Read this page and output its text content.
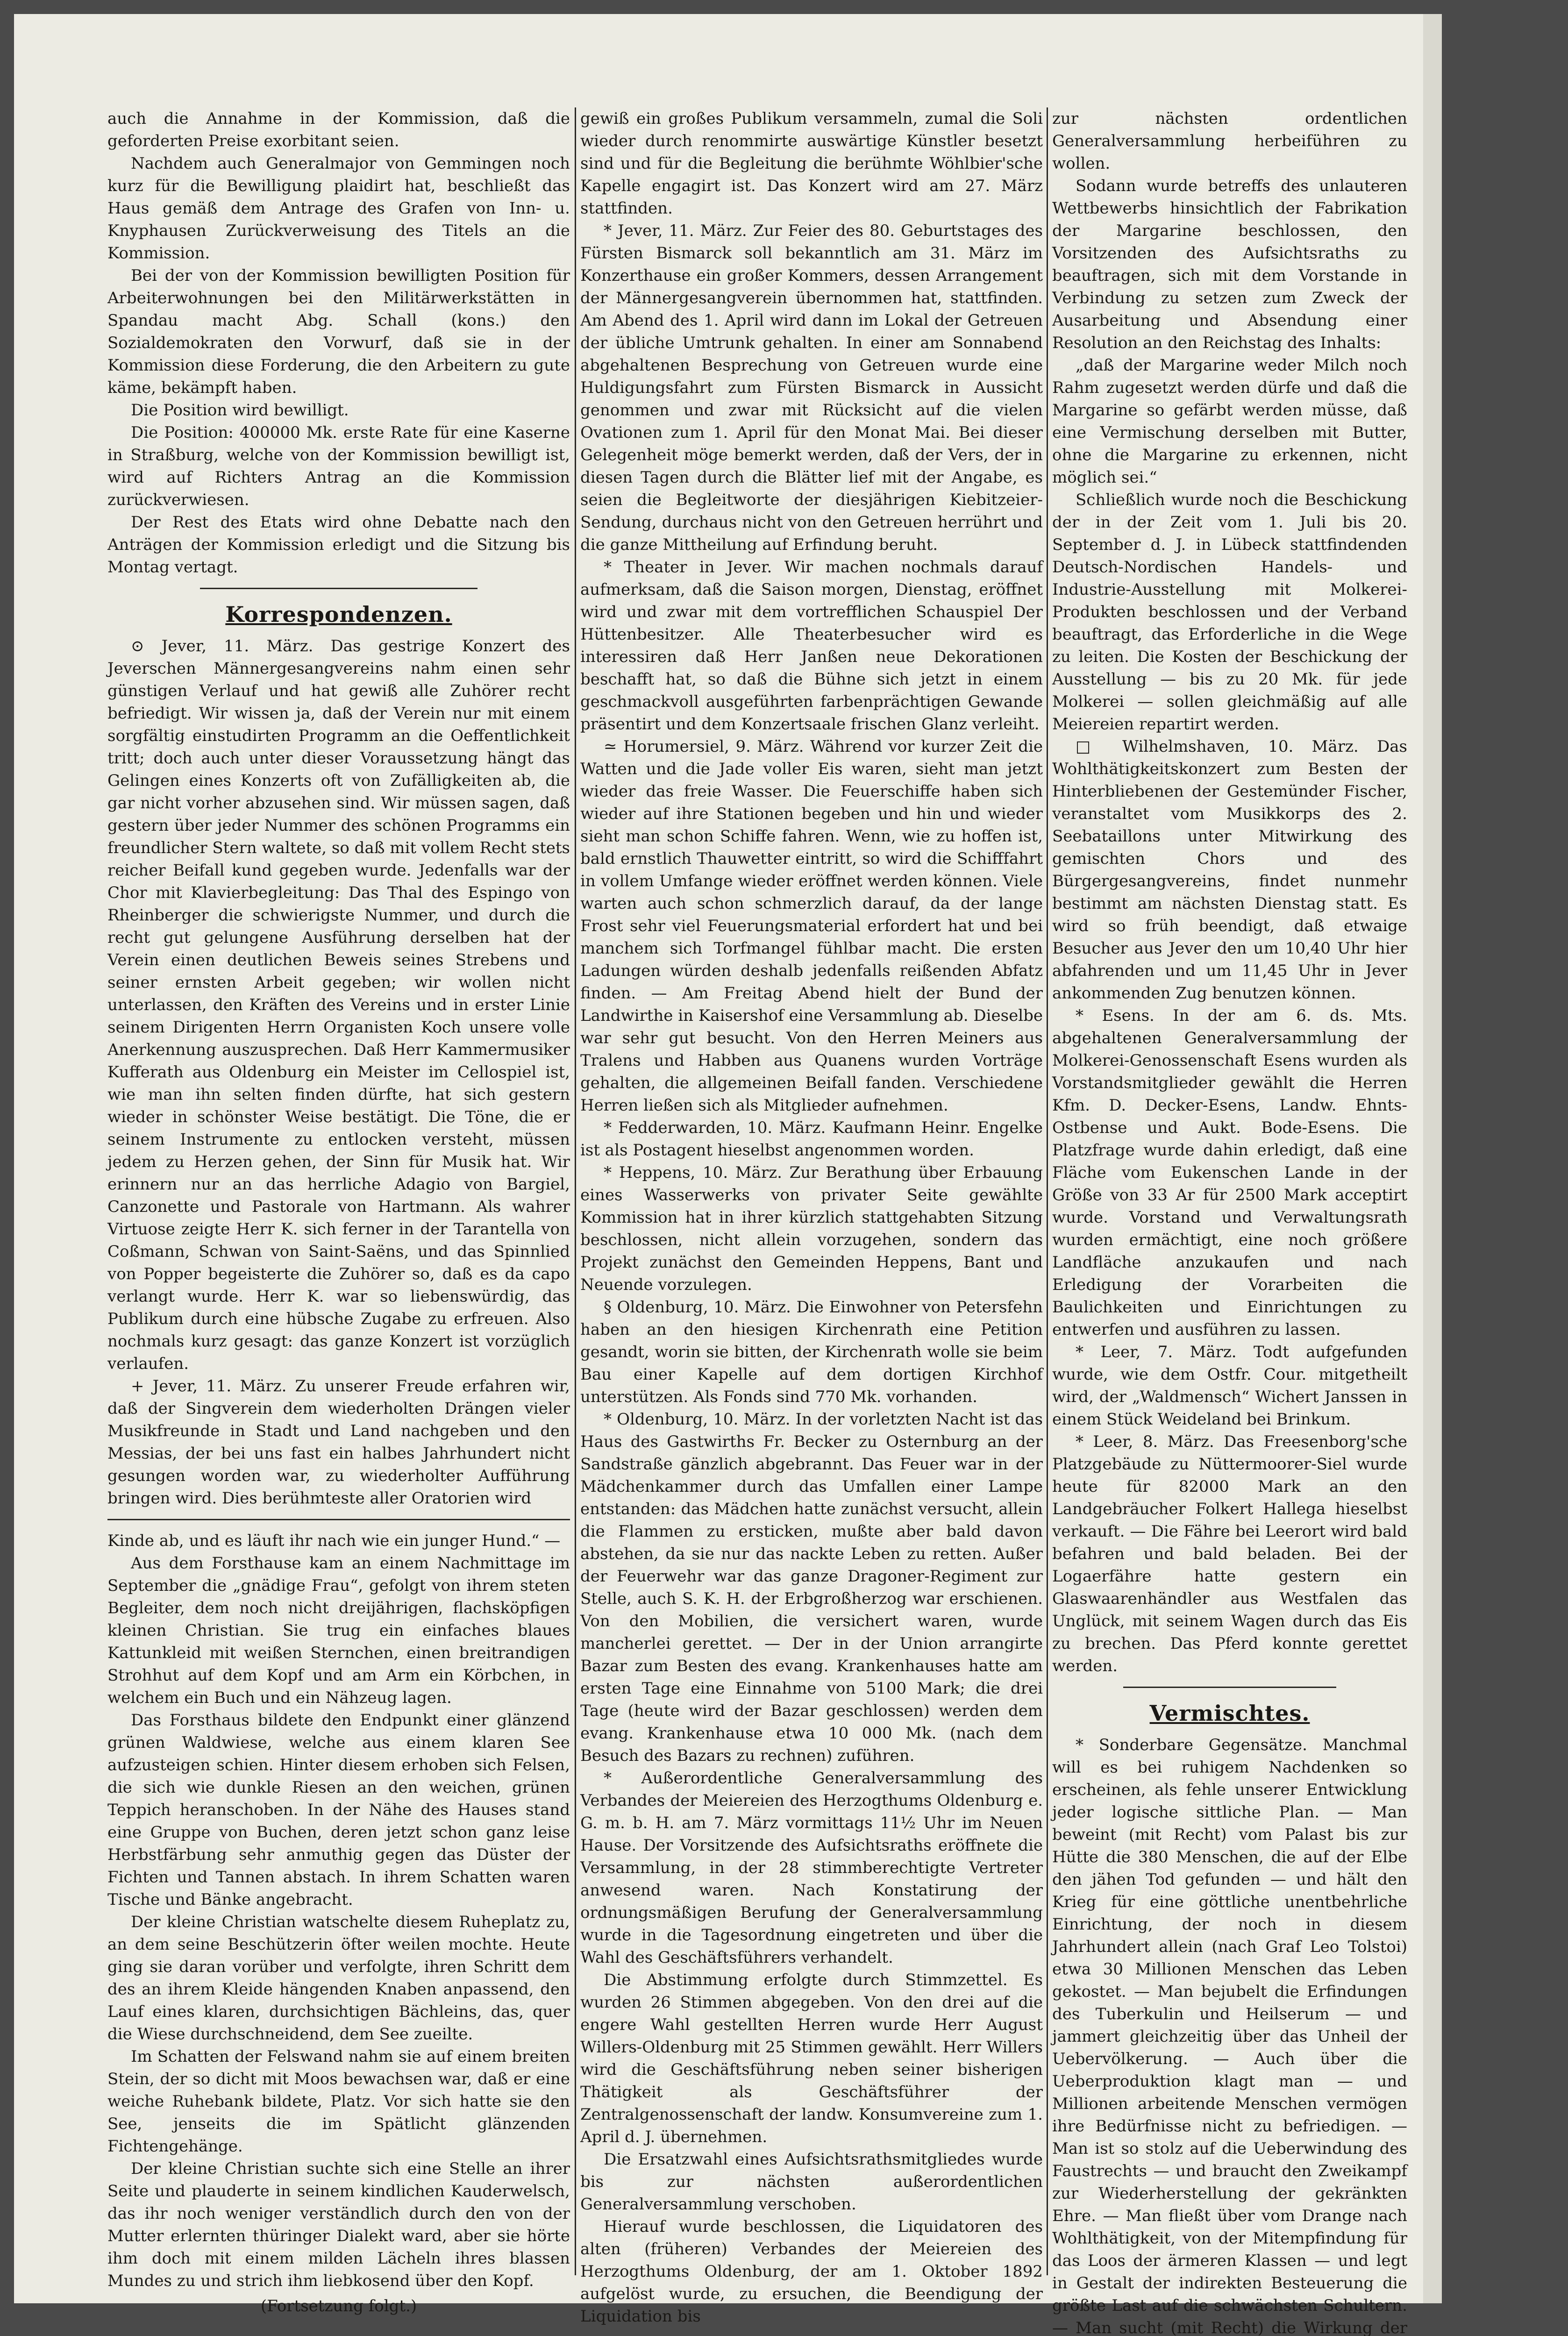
auch die Annahme in der Kommission, daß die geforderten Preise exorbitant seien.

Nachdem auch Generalmajor von Gemmingen noch kurz für die Bewilligung plaidirt hat, beschließt das Haus gemäß dem Antrage des Grafen von Inn- u. Knyphausen Zurückverweisung des Titels an die Kommission.

Bei der von der Kommission bewilligten Position für Arbeiterwohnungen bei den Militärwerkstätten in Spandau macht Abg. Schall (kons.) den Sozialdemokraten den Vorwurf, daß sie in der Kommission diese Forderung, die den Arbeitern zu gute käme, bekämpft haben.

Die Position wird bewilligt.

Die Position: 400000 Mk. erste Rate für eine Kaserne in Straßburg, welche von der Kommission bewilligt ist, wird auf Richters Antrag an die Kommission zurückverwiesen.

Der Rest des Etats wird ohne Debatte nach den Anträgen der Kommission erledigt und die Sitzung bis Montag vertagt.

Korrespondenzen.

⊙ Jever, 11. März. Das gestrige Konzert des Jeverschen Männergesangvereins nahm einen sehr günstigen Verlauf und hat gewiß alle Zuhörer recht befriedigt. Wir wissen ja, daß der Verein nur mit einem sorgfältig einstudirten Programm an die Oeffentlichkeit tritt; doch auch unter dieser Voraussetzung hängt das Gelingen eines Konzerts oft von Zufälligkeiten ab, die gar nicht vorher abzusehen sind. Wir müssen sagen, daß gestern über jeder Nummer des schönen Programms ein freundlicher Stern waltete, so daß mit vollem Recht stets reicher Beifall kund gegeben wurde. Jedenfalls war der Chor mit Klavierbegleitung: Das Thal des Espingo von Rheinberger die schwierigste Nummer, und durch die recht gut gelungene Ausführung derselben hat der Verein einen deutlichen Beweis seines Strebens und seiner ernsten Arbeit gegeben; wir wollen nicht unterlassen, den Kräften des Vereins und in erster Linie seinem Dirigenten Herrn Organisten Koch unsere volle Anerkennung auszusprechen. Daß Herr Kammermusiker Kufferath aus Oldenburg ein Meister im Cellospiel ist, wie man ihn selten finden dürfte, hat sich gestern wieder in schönster Weise bestätigt. Die Töne, die er seinem Instrumente zu entlocken versteht, müssen jedem zu Herzen gehen, der Sinn für Musik hat. Wir erinnern nur an das herrliche Adagio von Bargiel, Canzonette und Pastorale von Hartmann. Als wahrer Virtuose zeigte Herr K. sich ferner in der Tarantella von Coßmann, Schwan von Saint-Saëns, und das Spinnlied von Popper begeisterte die Zuhörer so, daß es da capo verlangt wurde. Herr K. war so liebenswürdig, das Publikum durch eine hübsche Zugabe zu erfreuen. Also nochmals kurz gesagt: das ganze Konzert ist vorzüglich verlaufen.

+ Jever, 11. März. Zu unserer Freude erfahren wir, daß der Singverein dem wiederholten Drängen vieler Musikfreunde in Stadt und Land nachgeben und den Messias, der bei uns fast ein halbes Jahrhundert nicht gesungen worden war, zu wiederholter Aufführung bringen wird. Dies berühmteste aller Oratorien wird

Kinde ab, und es läuft ihr nach wie ein junger Hund.“ —

Aus dem Forsthause kam an einem Nachmittage im September die „gnädige Frau“, gefolgt von ihrem steten Begleiter, dem noch nicht dreijährigen, flachsköpfigen kleinen Christian. Sie trug ein einfaches blaues Kattunkleid mit weißen Sternchen, einen breitrandigen Strohhut auf dem Kopf und am Arm ein Körbchen, in welchem ein Buch und ein Nähzeug lagen.

Das Forsthaus bildete den Endpunkt einer glänzend grünen Waldwiese, welche aus einem klaren See aufzusteigen schien. Hinter diesem erhoben sich Felsen, die sich wie dunkle Riesen an den weichen, grünen Teppich heranschoben. In der Nähe des Hauses stand eine Gruppe von Buchen, deren jetzt schon ganz leise Herbstfärbung sehr anmuthig gegen das Düster der Fichten und Tannen abstach. In ihrem Schatten waren Tische und Bänke angebracht.

Der kleine Christian watschelte diesem Ruheplatz zu, an dem seine Beschützerin öfter weilen mochte. Heute ging sie daran vorüber und verfolgte, ihren Schritt dem des an ihrem Kleide hängenden Knaben anpassend, den Lauf eines klaren, durchsichtigen Bächleins, das, quer die Wiese durchschneidend, dem See zueilte.

Im Schatten der Felswand nahm sie auf einem breiten Stein, der so dicht mit Moos bewachsen war, daß er eine weiche Ruhebank bildete, Platz. Vor sich hatte sie den See, jenseits die im Spätlicht glänzenden Fichtengehänge.

Der kleine Christian suchte sich eine Stelle an ihrer Seite und plauderte in seinem kindlichen Kauderwelsch, das ihr noch weniger verständlich durch den von der Mutter erlernten thüringer Dialekt ward, aber sie hörte ihm doch mit einem milden Lächeln ihres blassen Mundes zu und strich ihm liebkosend über den Kopf.

(Fortsetzung folgt.)

gewiß ein großes Publikum versammeln, zumal die Soli wieder durch renommirte auswärtige Künstler besetzt sind und für die Begleitung die berühmte Wöhlbier'sche Kapelle engagirt ist. Das Konzert wird am 27. März stattfinden.

* Jever, 11. März. Zur Feier des 80. Geburtstages des Fürsten Bismarck soll bekanntlich am 31. März im Konzerthause ein großer Kommers, dessen Arrangement der Männergesangverein übernommen hat, stattfinden. Am Abend des 1. April wird dann im Lokal der Getreuen der übliche Umtrunk gehalten. In einer am Sonnabend abgehaltenen Besprechung von Getreuen wurde eine Huldigungsfahrt zum Fürsten Bismarck in Aussicht genommen und zwar mit Rücksicht auf die vielen Ovationen zum 1. April für den Monat Mai. Bei dieser Gelegenheit möge bemerkt werden, daß der Vers, der in diesen Tagen durch die Blätter lief mit der Angabe, es seien die Begleitworte der diesjährigen Kiebitzeier-Sendung, durchaus nicht von den Getreuen herrührt und die ganze Mittheilung auf Erfindung beruht.

* Theater in Jever. Wir machen nochmals darauf aufmerksam, daß die Saison morgen, Dienstag, eröffnet wird und zwar mit dem vortrefflichen Schauspiel Der Hüttenbesitzer. Alle Theaterbesucher wird es interessiren daß Herr Janßen neue Dekorationen beschafft hat, so daß die Bühne sich jetzt in einem geschmackvoll ausgeführten farbenprächtigen Gewande präsentirt und dem Konzertsaale frischen Glanz verleiht.

≃ Horumersiel, 9. März. Während vor kurzer Zeit die Watten und die Jade voller Eis waren, sieht man jetzt wieder das freie Wasser. Die Feuerschiffe haben sich wieder auf ihre Stationen begeben und hin und wieder sieht man schon Schiffe fahren. Wenn, wie zu hoffen ist, bald ernstlich Thauwetter eintritt, so wird die Schifffahrt in vollem Umfange wieder eröffnet werden können. Viele warten auch schon schmerzlich darauf, da der lange Frost sehr viel Feuerungsmaterial erfordert hat und bei manchem sich Torfmangel fühlbar macht. Die ersten Ladungen würden deshalb jedenfalls reißenden Abfatz finden. — Am Freitag Abend hielt der Bund der Landwirthe in Kaisershof eine Versammlung ab. Dieselbe war sehr gut besucht. Von den Herren Meiners aus Tralens und Habben aus Quanens wurden Vorträge gehalten, die allgemeinen Beifall fanden. Verschiedene Herren ließen sich als Mitglieder aufnehmen.

* Fedderwarden, 10. März. Kaufmann Heinr. Engelke ist als Postagent hieselbst angenommen worden.

* Heppens, 10. März. Zur Berathung über Erbauung eines Wasserwerks von privater Seite gewählte Kommission hat in ihrer kürzlich stattgehabten Sitzung beschlossen, nicht allein vorzugehen, sondern das Projekt zunächst den Gemeinden Heppens, Bant und Neuende vorzulegen.

§ Oldenburg, 10. März. Die Einwohner von Petersfehn haben an den hiesigen Kirchenrath eine Petition gesandt, worin sie bitten, der Kirchenrath wolle sie beim Bau einer Kapelle auf dem dortigen Kirchhof unterstützen. Als Fonds sind 770 Mk. vorhanden.

* Oldenburg, 10. März. In der vorletzten Nacht ist das Haus des Gastwirths Fr. Becker zu Osternburg an der Sandstraße gänzlich abgebrannt. Das Feuer war in der Mädchenkammer durch das Umfallen einer Lampe entstanden: das Mädchen hatte zunächst versucht, allein die Flammen zu ersticken, mußte aber bald davon abstehen, da sie nur das nackte Leben zu retten. Außer der Feuerwehr war das ganze Dragoner-Regiment zur Stelle, auch S. K. H. der Erbgroßherzog war erschienen. Von den Mobilien, die versichert waren, wurde mancherlei gerettet. — Der in der Union arrangirte Bazar zum Besten des evang. Krankenhauses hatte am ersten Tage eine Einnahme von 5100 Mark; die drei Tage (heute wird der Bazar geschlossen) werden dem evang. Krankenhause etwa 10 000 Mk. (nach dem Besuch des Bazars zu rechnen) zuführen.

* Außerordentliche Generalversammlung des Verbandes der Meiereien des Herzogthums Oldenburg e. G. m. b. H. am 7. März vormittags 11½ Uhr im Neuen Hause. Der Vorsitzende des Aufsichtsraths eröffnete die Versammlung, in der 28 stimmberechtigte Vertreter anwesend waren. Nach Konstatirung der ordnungsmäßigen Berufung der Generalversammlung wurde in die Tagesordnung eingetreten und über die Wahl des Geschäftsführers verhandelt.

Die Abstimmung erfolgte durch Stimmzettel. Es wurden 26 Stimmen abgegeben. Von den drei auf die engere Wahl gestellten Herren wurde Herr August Willers-Oldenburg mit 25 Stimmen gewählt. Herr Willers wird die Geschäftsführung neben seiner bisherigen Thätigkeit als Geschäftsführer der Zentralgenossenschaft der landw. Konsumvereine zum 1. April d. J. übernehmen.

Die Ersatzwahl eines Aufsichtsrathsmitgliedes wurde bis zur nächsten außerordentlichen Generalversammlung verschoben.

Hierauf wurde beschlossen, die Liquidatoren des alten (früheren) Verbandes der Meiereien des Herzogthums Oldenburg, der am 1. Oktober 1892 aufgelöst wurde, zu ersuchen, die Beendigung der Liquidation bis

zur nächsten ordentlichen Generalversammlung herbeiführen zu wollen.

Sodann wurde betreffs des unlauteren Wettbewerbs hinsichtlich der Fabrikation der Margarine beschlossen, den Vorsitzenden des Aufsichtsraths zu beauftragen, sich mit dem Vorstande in Verbindung zu setzen zum Zweck der Ausarbeitung und Absendung einer Resolution an den Reichstag des Inhalts:

„daß der Margarine weder Milch noch Rahm zugesetzt werden dürfe und daß die Margarine so gefärbt werden müsse, daß eine Vermischung derselben mit Butter, ohne die Margarine zu erkennen, nicht möglich sei.“

Schließlich wurde noch die Beschickung der in der Zeit vom 1. Juli bis 20. September d. J. in Lübeck stattfindenden Deutsch-Nordischen Handels- und Industrie-Ausstellung mit Molkerei-Produkten beschlossen und der Verband beauftragt, das Erforderliche in die Wege zu leiten. Die Kosten der Beschickung der Ausstellung — bis zu 20 Mk. für jede Molkerei — sollen gleichmäßig auf alle Meiereien repartirt werden.

□ Wilhelmshaven, 10. März. Das Wohlthätigkeitskonzert zum Besten der Hinterbliebenen der Gestemünder Fischer, veranstaltet vom Musikkorps des 2. Seebataillons unter Mitwirkung des gemischten Chors und des Bürgergesangvereins, findet nunmehr bestimmt am nächsten Dienstag statt. Es wird so früh beendigt, daß etwaige Besucher aus Jever den um 10,40 Uhr hier abfahrenden und um 11,45 Uhr in Jever ankommenden Zug benutzen können.

* Esens. In der am 6. ds. Mts. abgehaltenen Generalversammlung der Molkerei-Genossenschaft Esens wurden als Vorstandsmitglieder gewählt die Herren Kfm. D. Decker-Esens, Landw. Ehnts-Ostbense und Aukt. Bode-Esens. Die Platzfrage wurde dahin erledigt, daß eine Fläche vom Eukenschen Lande in der Größe von 33 Ar für 2500 Mark acceptirt wurde. Vorstand und Verwaltungsrath wurden ermächtigt, eine noch größere Landfläche anzukaufen und nach Erledigung der Vorarbeiten die Baulichkeiten und Einrichtungen zu entwerfen und ausführen zu lassen.

* Leer, 7. März. Todt aufgefunden wurde, wie dem Ostfr. Cour. mitgetheilt wird, der „Waldmensch“ Wichert Janssen in einem Stück Weideland bei Brinkum.

* Leer, 8. März. Das Freesenborg'sche Platzgebäude zu Nüttermoorer-Siel wurde heute für 82000 Mark an den Landgebräucher Folkert Hallega hieselbst verkauft. — Die Fähre bei Leerort wird bald befahren und bald beladen. Bei der Logaerfähre hatte gestern ein Glaswaarenhändler aus Westfalen das Unglück, mit seinem Wagen durch das Eis zu brechen. Das Pferd konnte gerettet werden.

Vermischtes.

* Sonderbare Gegensätze. Manchmal will es bei ruhigem Nachdenken so erscheinen, als fehle unserer Entwicklung jeder logische sittliche Plan. — Man beweint (mit Recht) vom Palast bis zur Hütte die 380 Menschen, die auf der Elbe den jähen Tod gefunden — und hält den Krieg für eine göttliche unentbehrliche Einrichtung, der noch in diesem Jahrhundert allein (nach Graf Leo Tolstoi) etwa 30 Millionen Menschen das Leben gekostet. — Man bejubelt die Erfindungen des Tuberkulin und Heilserum — und jammert gleichzeitig über das Unheil der Uebervölkerung. — Auch über die Ueberproduktion klagt man — und Millionen arbeitende Menschen vermögen ihre Bedürfnisse nicht zu befriedigen. — Man ist so stolz auf die Ueberwindung des Faustrechts — und braucht den Zweikampf zur Wiederherstellung der gekränkten Ehre. — Man fließt über vom Drange nach Wohlthätigkeit, von der Mitempfindung für das Loos der ärmeren Klassen — und legt in Gestalt der indirekten Besteuerung die größte Last auf die schwächsten Schultern. — Man sucht (mit Recht) die Wirkung der
